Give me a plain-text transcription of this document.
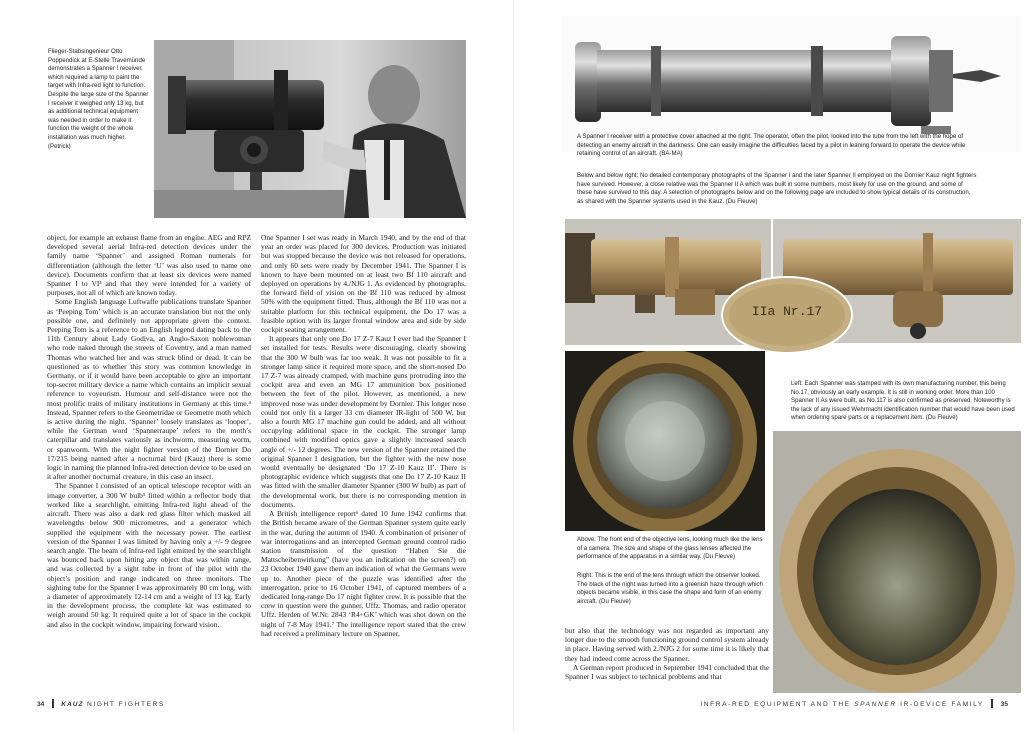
Flieger-Stabsingenieur Otto Poppendick at E-Stelle Travemünde demonstrates a Spanner I receiver, which required a lamp to paint the target with Infra-red light to function. Despite the large size of the Spanner I receiver it weighed only 13 kg, but as additional technical equipment was needed in order to make it function the weight of the whole installation was much higher. (Petrick)

object, for example an exhaust flame from an engine. AEG and RPZ developed several aerial Infra-red detection devices under the family name ‘Spanner’ and assigned Roman numerals for differentiation (although the letter ‘U’ was also used to name one device). Documents confirm that at least six devices were named Spanner I to VI³ and that they were intended for a variety of purposes, not all of which are known today.

Some English language Luftwaffe publications translate Spanner as ‘Peeping Tom’ which is an accurate translation but not the only possible one, and definitely not appropriate given the context. Peeping Tom is a reference to an English legend dating back to the 11th Century about Lady Godiva, an Anglo-Saxon noblewoman who rode naked through the streets of Coventry, and a man named Thomas who watched her and was struck blind or dead. It can be questioned as to whether this story was common knowledge in Germany, or if it would have been acceptable to give an important top-secret military device a name which contains an implicit sexual reference to voyeurism. Humour and self-distance were not the most prolific traits of military institutions in Germany at this time.⁴ Instead, Spanner refers to the Geometridae or Geometre moth which is active during the night. ‘Spanner’ loosely translates as ‘looper’, while the German word ‘Spannerraupe’ refers to the moth’s caterpillar and translates variously as inchworm, measuring worm, or spanworm. With the night fighter version of the Dornier Do 17/215 being named after a nocturnal bird (Kauz) there is some logic in naming the planned Infra-red detection device to be used on it after another nocturnal creature, in this case an insect.

The Spanner I consisted of an optical telescope receptor with an image converter, a 300 W bulb⁵ fitted within a reflector body that worked like a searchlight, emitting Infra-red light ahead of the aircraft. There was also a dark red glass filter which masked all wavelengths below 900 micrometres, and a generator which supplied the equipment with the necessary power. The earliest version of the Spanner I was limited by having only a +/- 9 degree search angle. The beam of Infra-red light emitted by the searchlight was bounced back upon hitting any object that was within range, and was collected by a sight tube in front of the pilot with the object’s position and range indicated on three monitors. The sighting tube for the Spanner I was approximately 80 cm long, with a diameter of approximately 12-14 cm and a weight of 13 kg. Early in the development process, the complete kit was estimated to weigh around 50 kg. It required quite a lot of space in the cockpit and also in the cockpit window, impairing forward vision.

One Spanner I set was ready in March 1940, and by the end of that year an order was placed for 300 devices. Production was initiated but was stopped because the device was not released for operations, and only 60 sets were ready by December 1941. The Spanner I is known to have been mounted on at least two Bf 110 aircraft and deployed on operations by 4./NJG 1. As evidenced by photographs, the forward field of vision on the Bf 110 was reduced by almost 50% with the equipment fitted. Thus, although the Bf 110 was not a suitable platform for this technical equipment, the Do 17 was a feasible option with its larger frontal window area and side by side cockpit seating arrangement.

It appears that only one Do 17 Z-7 Kauz I ever had the Spanner I set installed for tests. Results were discouraging, clearly showing that the 300 W bulb was far too weak. It was not possible to fit a stronger lamp since it required more space, and the short-nosed Do 17 Z-7 was already cramped, with machine guns protruding into the cockpit area and even an MG 17 ammunition box positioned between the feet of the pilot. However, as mentioned, a new improved nose was under development by Dornier. This longer nose could not only fit a larger 33 cm diameter IR-light of 500 W, but also a fourth MG 17 machine gun could be added, and all without occupying additional space in the cockpit. The stronger lamp combined with modified optics gave a slightly increased search angle of +/- 12 degrees. The new version of the Spanner retained the original Spanner I designation, but the fighter with the new nose would eventually be designated ‘Do 17 Z-10 Kauz II’. There is photographic evidence which suggests that one Do 17 Z-10 Kauz II was fitted with the smaller diameter Spanner (300 W bulb) as part of the developmental work, but there is no corresponding mention in documents.

A British intelligence report⁶ dated 10 June 1942 confirms that the British became aware of the German Spanner system quite early in the war, during the autumn of 1940. A combination of prisoner of war interrogations and an intercepted German ground control radio station transmission of the question “Haben Sie die Mattscheibenwirkung” (have you an indication on the screen?) on 23 October 1940 gave them an indication of what the Germans were up to. Another piece of the puzzle was identified after the interrogation, prior to 16 October 1941, of captured members of a dedicated long-range Do 17 night fighter crew. It is possible that the crew in question were the gunner, Uffz. Thomas, and radio operator Uffz. Herden of W.Nr. 2843 ‘R4+GK’ which was shot down on the night of 7-8 May 1941.⁷ The intelligence report stated that the crew had received a preliminary lecture on Spanner,

34	KAUZ NIGHT FIGHTERS

A Spanner I receiver with a protective cover attached at the right. The operator, often the pilot, looked into the tube from the left with the hope of detecting an enemy aircraft in the darkness. One can easily imagine the difficulties faced by a pilot in leaning forward to operate the device while retaining control of an aircraft. (BA-MA)

Below and below right: No detailed contemporary photographs of the Spanner I and the later Spanner II employed on the Dornier Kauz night fighters have survived. However, a close relative was the Spanner II A which was built in some numbers, most likely for use on the ground, and some of these have survived to this day. A selection of photographs below and on the following page are included to show typical details of its construction, as shared with the Spanner systems used in the Kauz. (Du Fleuve)

IIa Nr.17

Left: Each Spanner was stamped with its own manufacturing number, this being No.17, obviously an early example. It is still in working order. More than 100 Spanner II As were built, as No.117 is also confirmed as preserved. Noteworthy is the lack of any issued Wehrmacht identification number that would have been used when ordering spare parts or a replacement item. (Du Fleuve)

Above: The front end of the objective lens, looking much like the lens of a camera. The size and shape of the glass lenses affected the performance of the apparatus in a similar way. (Du Fleuve)

Right: This is the end of the lens through which the observer looked. The black of the night was turned into a greenish haze through which objects became visible, in this case the shape and form of an enemy aircraft. (Du Fleuve)

but also that the technology was not regarded as important any longer due to the smooth functioning ground control system already in place. Having served with 2./NJG 2 for some time it is likely that they had indeed come across the Spanner.

A German report produced in September 1941 concluded that the Spanner I was subject to technical problems and that

INFRA-RED EQUIPMENT AND THE SPANNER IR-DEVICE FAMILY	35
